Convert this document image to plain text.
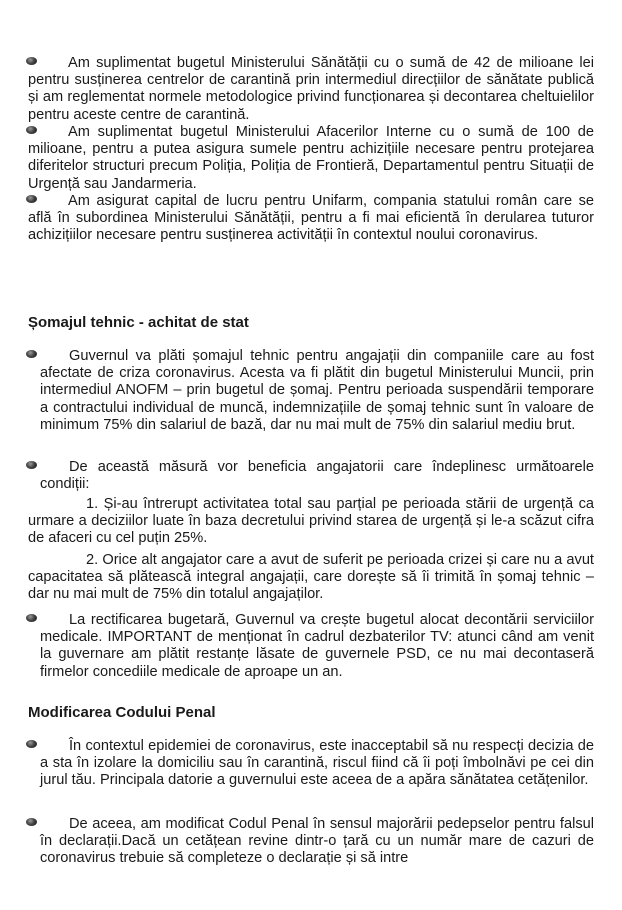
Am suplimentat bugetul Ministerului Sănătății cu o sumă de 42 de milioane lei pentru susținerea centrelor de carantină prin intermediul direcțiilor de sănătate publică și am reglementat normele metodologice privind funcționarea și decontarea cheltuielilor pentru aceste centre de carantină.
Am suplimentat bugetul Ministerului Afacerilor Interne cu o sumă de 100 de milioane, pentru a putea asigura sumele pentru achizițiile necesare pentru protejarea diferitelor structuri precum Poliția, Poliția de Frontieră, Departamentul pentru Situații de Urgență sau Jandarmeria.
Am asigurat capital de lucru pentru Unifarm, compania statului român care se află în subordinea Ministerului Sănătății, pentru a fi mai eficientă în derularea tuturor achizițiilor necesare pentru susținerea activității în contextul noului coronavirus.
Șomajul tehnic - achitat de stat
Guvernul va plăti șomajul tehnic pentru angajații din companiile care au fost afectate de criza coronavirus. Acesta va fi plătit din bugetul Ministerului Muncii, prin intermediul ANOFM – prin bugetul de șomaj. Pentru perioada suspendării temporare a contractului individual de muncă, indemnizațiile de șomaj tehnic sunt în valoare de minimum 75% din salariul de bază, dar nu mai mult de 75% din salariul mediu brut.
De această măsură vor beneficia angajatorii care îndeplinesc următoarele condiții:
1. Și-au întrerupt activitatea total sau parțial pe perioada stării de urgență ca urmare a deciziilor luate în baza decretului privind starea de urgență și le-a scăzut cifra de afaceri cu cel puțin 25%.
2. Orice alt angajator care a avut de suferit pe perioada crizei și care nu a avut capacitatea să plătească integral angajații, care dorește să îi trimită în șomaj tehnic – dar nu mai mult de 75% din totalul angajaților.
La rectificarea bugetară, Guvernul va crește bugetul alocat decontării serviciilor medicale. IMPORTANT de menționat în cadrul dezbaterilor TV: atunci când am venit la guvernare am plătit restanțe lăsate de guvernele PSD, ce nu mai decontaseră firmelor concediile medicale de aproape un an.
Modificarea Codului Penal
În contextul epidemiei de coronavirus, este inacceptabil să nu respecți decizia de a sta în izolare la domiciliu sau în carantină, riscul fiind că îi poți îmbolnăvi pe cei din jurul tău. Principala datorie a guvernului este aceea de a apăra sănătatea cetățenilor.
De aceea, am modificat Codul Penal în sensul majorării pedepselor pentru falsul în declarații.Dacă un cetățean revine dintr-o țară cu un număr mare de cazuri de coronavirus trebuie să completeze o declarație și să intre
